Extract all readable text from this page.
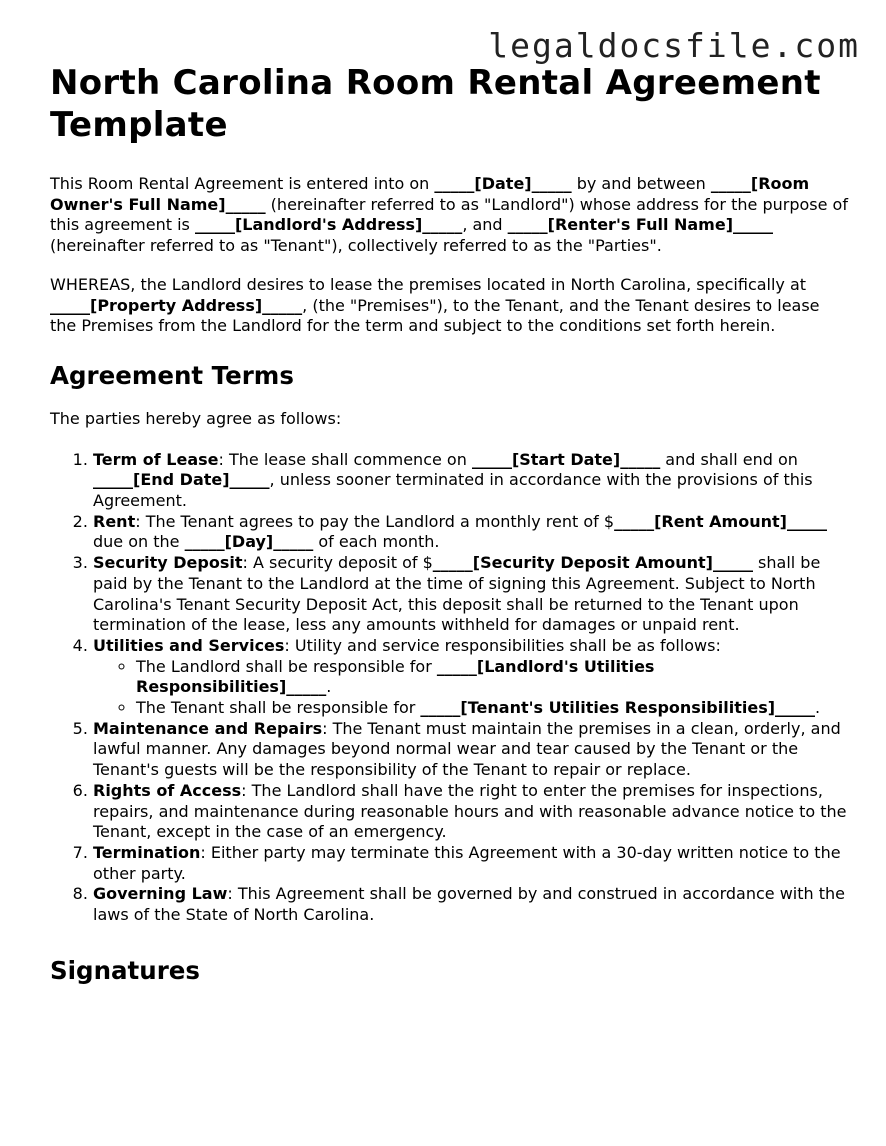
legaldocsfile.com
North Carolina Room Rental Agreement Template

This Room Rental Agreement is entered into on _____[Date]_____ by and between _____[Room Owner's Full Name]_____ (hereinafter referred to as "Landlord") whose address for the purpose of this agreement is _____[Landlord's Address]_____, and _____[Renter's Full Name]_____ (hereinafter referred to as "Tenant"), collectively referred to as the "Parties".

WHEREAS, the Landlord desires to lease the premises located in North Carolina, specifically at _____[Property Address]_____, (the "Premises"), to the Tenant, and the Tenant desires to lease the Premises from the Landlord for the term and subject to the conditions set forth herein.

Agreement Terms

The parties hereby agree as follows:

1. Term of Lease: The lease shall commence on _____[Start Date]_____ and shall end on _____[End Date]_____, unless sooner terminated in accordance with the provisions of this Agreement.
2. Rent: The Tenant agrees to pay the Landlord a monthly rent of $_____[Rent Amount]_____ due on the _____[Day]_____ of each month.
3. Security Deposit: A security deposit of $_____[Security Deposit Amount]_____ shall be paid by the Tenant to the Landlord at the time of signing this Agreement. Subject to North Carolina's Tenant Security Deposit Act, this deposit shall be returned to the Tenant upon termination of the lease, less any amounts withheld for damages or unpaid rent.
4. Utilities and Services: Utility and service responsibilities shall be as follows:
◦ The Landlord shall be responsible for _____[Landlord's Utilities Responsibilities]_____.
◦ The Tenant shall be responsible for _____[Tenant's Utilities Responsibilities]_____.
5. Maintenance and Repairs: The Tenant must maintain the premises in a clean, orderly, and lawful manner. Any damages beyond normal wear and tear caused by the Tenant or the Tenant's guests will be the responsibility of the Tenant to repair or replace.
6. Rights of Access: The Landlord shall have the right to enter the premises for inspections, repairs, and maintenance during reasonable hours and with reasonable advance notice to the Tenant, except in the case of an emergency.
7. Termination: Either party may terminate this Agreement with a 30-day written notice to the other party.
8. Governing Law: This Agreement shall be governed by and construed in accordance with the laws of the State of North Carolina.
Signatures
